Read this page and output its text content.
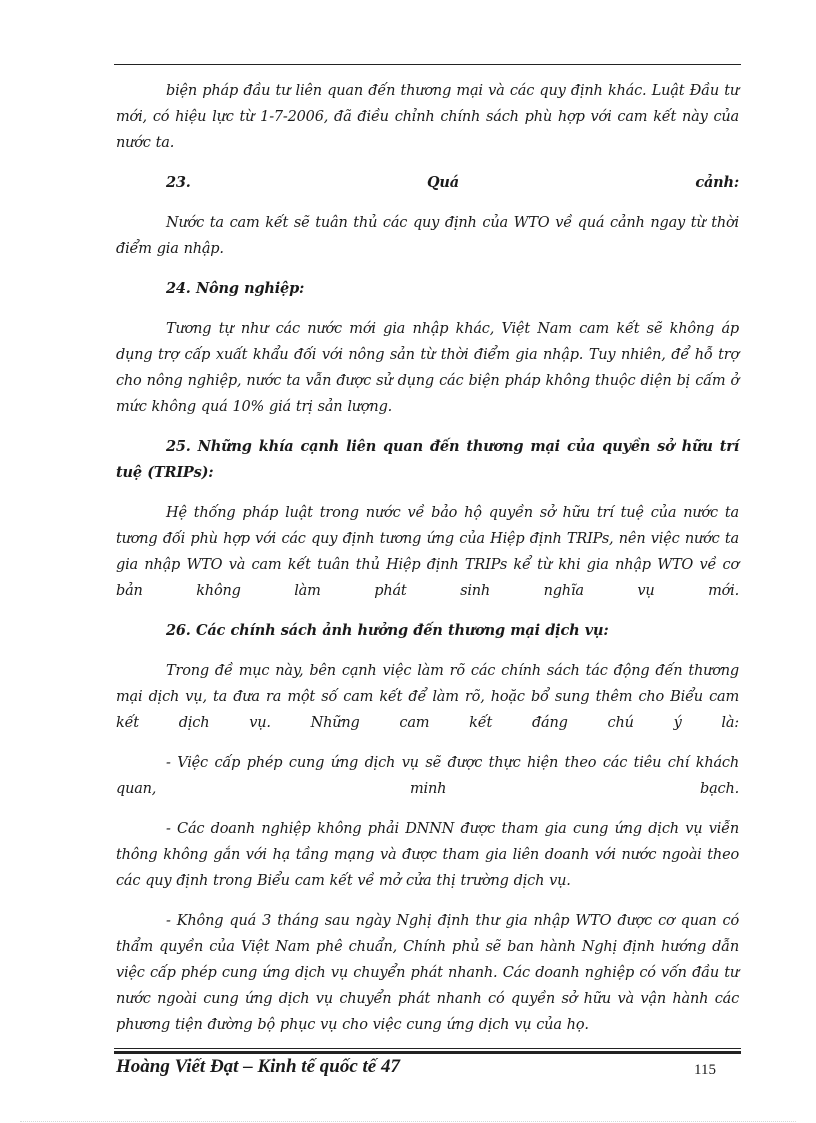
biện pháp đầu tư liên quan đến thương mại và các quy định khác. Luật Đầu tư mới, có hiệu lực từ 1-7-2006, đã điều chỉnh chính sách phù hợp với cam kết này của nước ta.

23.	Quá	cảnh:

Nước ta cam kết sẽ tuân thủ các quy định của WTO về quá cảnh ngay từ thời điểm gia nhập.

24. Nông nghiệp:

Tương tự như các nước mới gia nhập khác, Việt Nam cam kết sẽ không áp dụng trợ cấp xuất khẩu đối với nông sản từ thời điểm gia nhập. Tuy nhiên, để hỗ trợ cho nông nghiệp, nước ta vẫn được sử dụng các biện pháp không thuộc diện bị cấm ở mức không quá 10% giá trị sản lượng.

25. Những khía cạnh liên quan đến thương mại của quyền sở hữu trí tuệ (TRIPs):

Hệ thống pháp luật trong nước về bảo hộ quyền sở hữu trí tuệ của nước ta tương đối phù hợp với các quy định tương ứng của Hiệp định TRIPs, nên việc nước ta gia nhập WTO và cam kết tuân thủ Hiệp định TRIPs kể từ khi gia nhập WTO về cơ bản không làm phát sinh nghĩa vụ mới.

26. Các chính sách ảnh hưởng đến thương mại dịch vụ:

Trong đề mục này, bên cạnh việc làm rõ các chính sách tác động đến thương mại dịch vụ, ta đưa ra một số cam kết để làm rõ, hoặc bổ sung thêm cho Biểu cam kết dịch vụ. Những cam kết đáng chú ý là:

- Việc cấp phép cung ứng dịch vụ sẽ được thực hiện theo các tiêu chí khách quan, minh bạch.

- Các doanh nghiệp không phải DNNN được tham gia cung ứng dịch vụ viễn thông không gắn với hạ tầng mạng và được tham gia liên doanh với nước ngoài theo các quy định trong Biểu cam kết về mở cửa thị trường dịch vụ.

- Không quá 3 tháng sau ngày Nghị định thư gia nhập WTO được cơ quan có thẩm quyền của Việt Nam phê chuẩn, Chính phủ sẽ ban hành Nghị định hướng dẫn việc cấp phép cung ứng dịch vụ chuyển phát nhanh. Các doanh nghiệp có vốn đầu tư nước ngoài cung ứng dịch vụ chuyển phát nhanh có quyền sở hữu và vận hành các phương tiện đường bộ phục vụ cho việc cung ứng dịch vụ của họ.

Hoàng Viết Đạt – Kinh tế quốc tế 47	115
